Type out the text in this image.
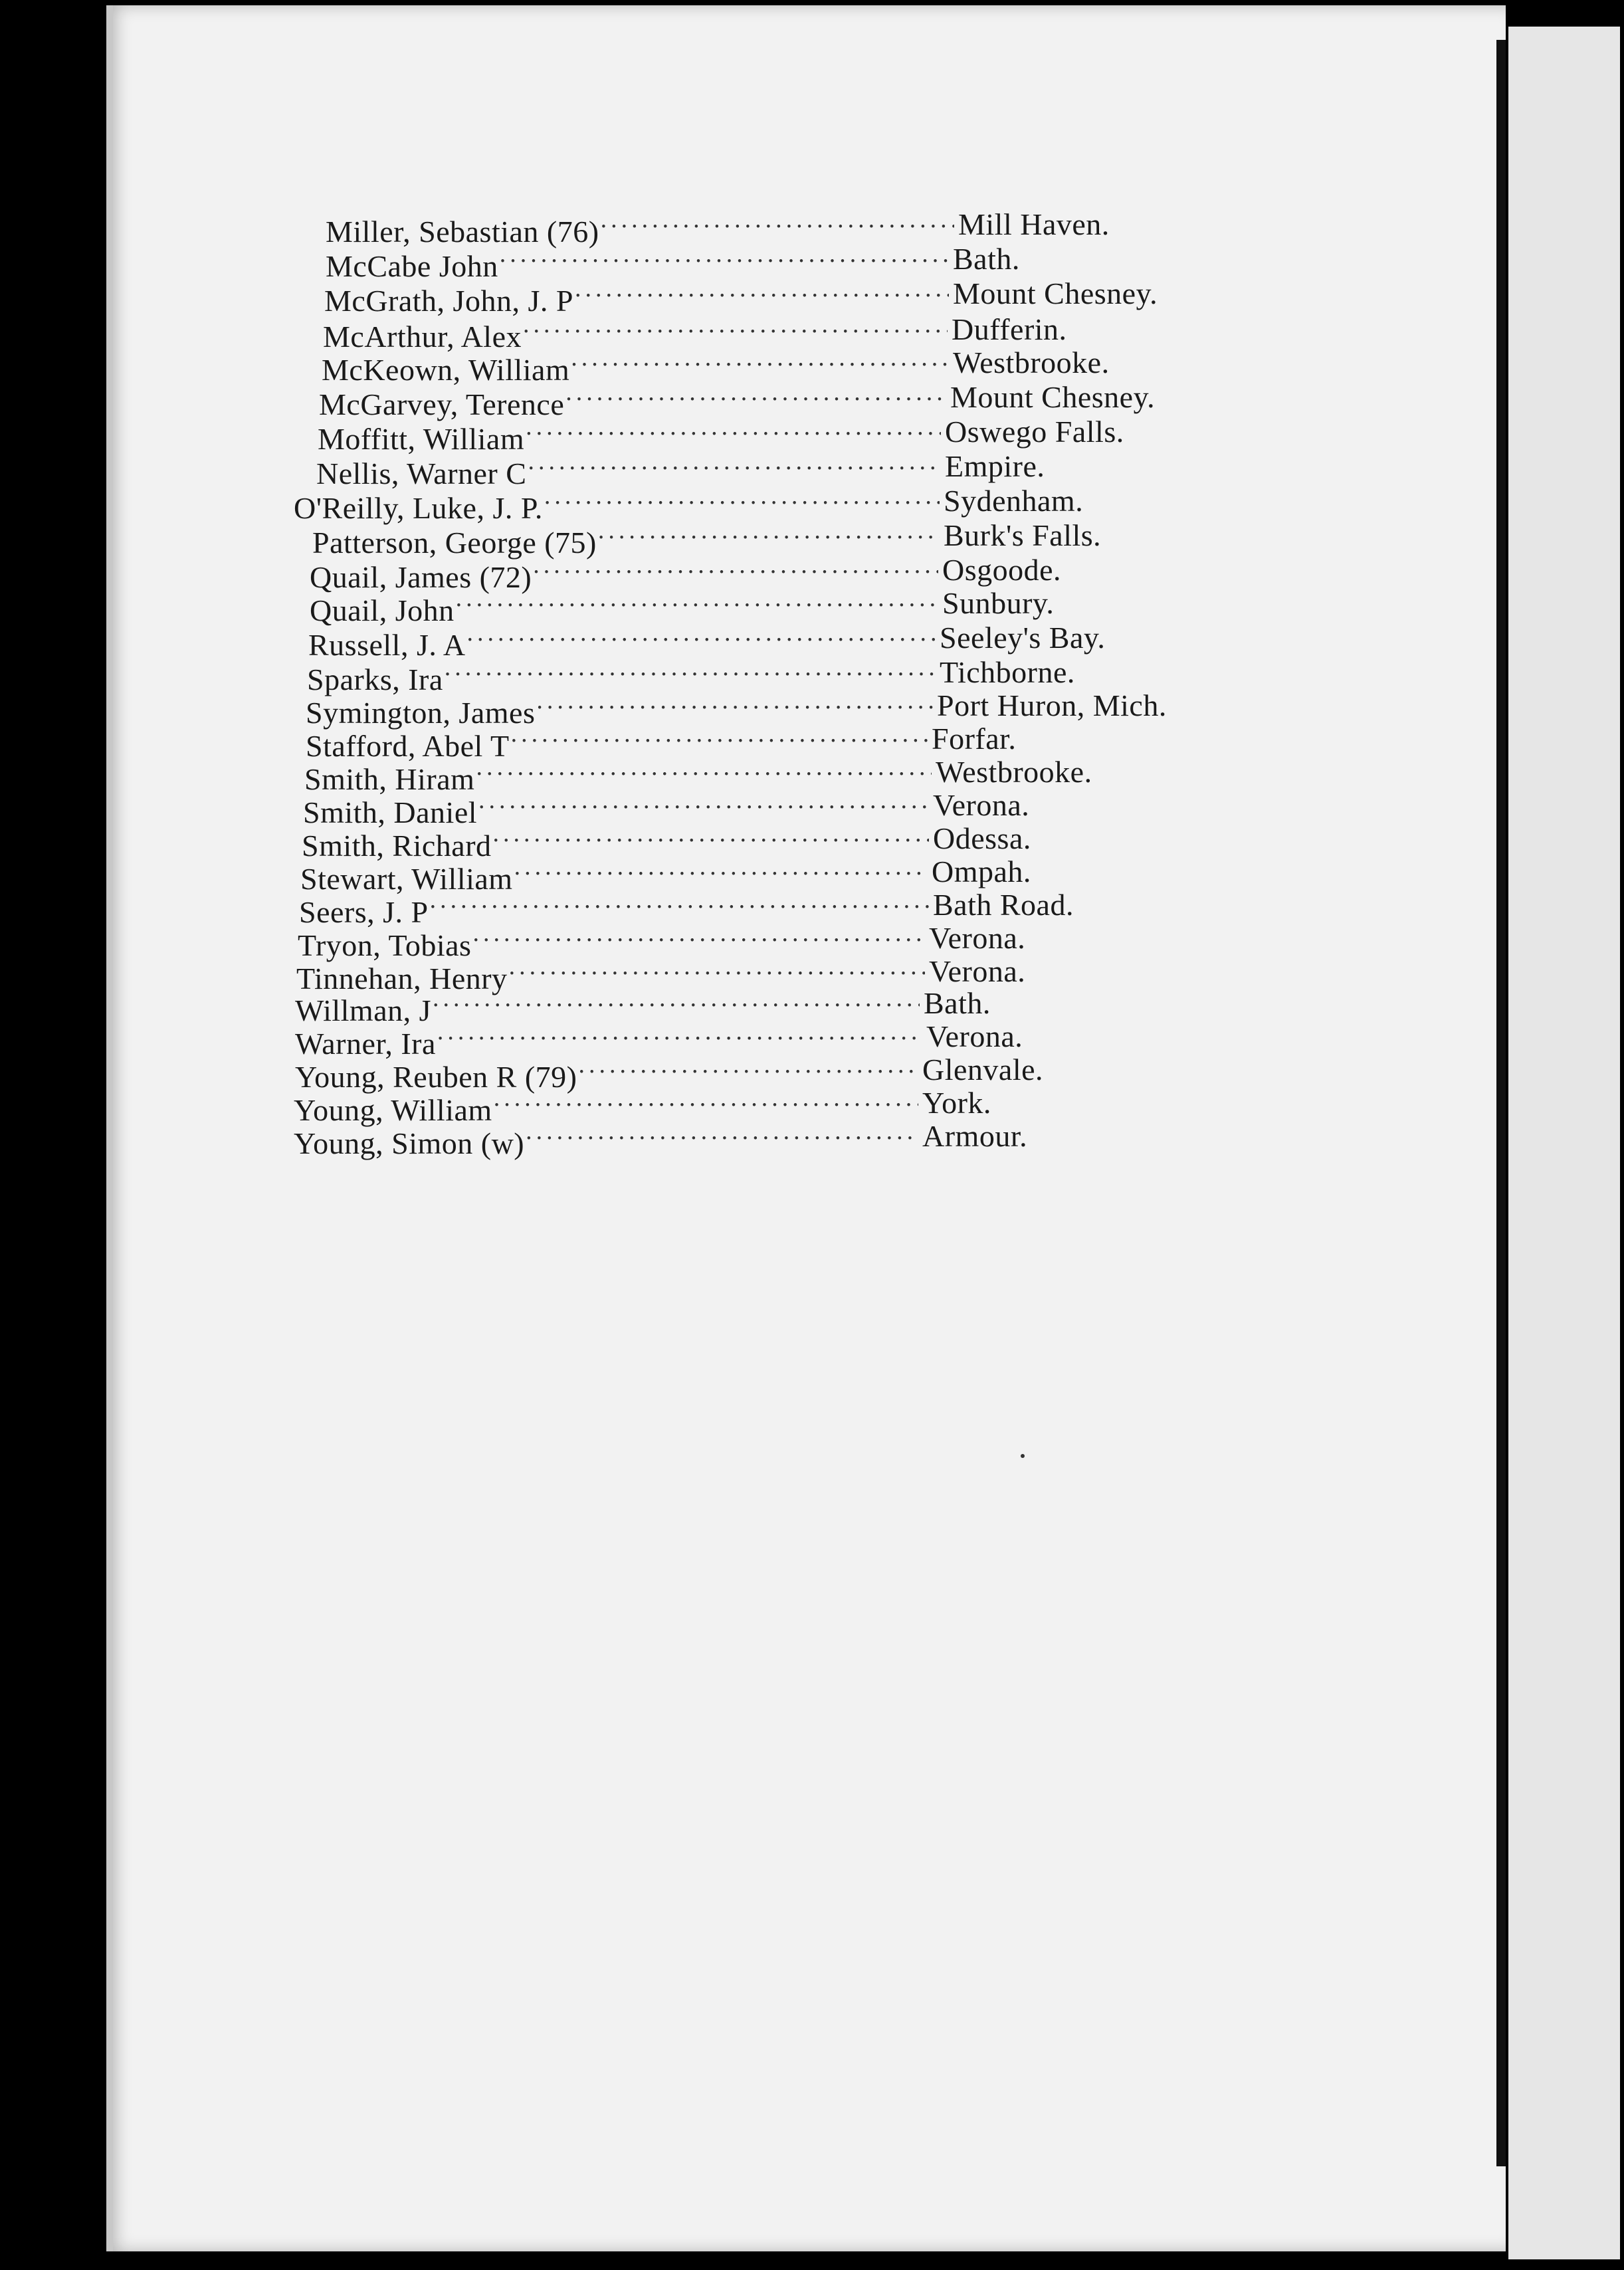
Miller, Sebastian (76) .....	Mill Haven.
McCabe John .....	Bath.
McGrath, John, J. P .....	Mount Chesney.
McArthur, Alex .....	Dufferin.
McKeown, William .....	Westbrooke.
McGarvey, Terence .....	Mount Chesney.
Moffitt, William .....	Oswego Falls.
Nellis, Warner C .....	Empire.
O'Reilly, Luke, J. P. .....	Sydenham.
Patterson, George (75) .....	Burk's Falls.
Quail, James (72) .....	Osgoode.
Quail, John .....	Sunbury.
Russell, J. A .....	Seeley's Bay.
Sparks, Ira .....	Tichborne.
Symington, James .....	Port Huron, Mich.
Stafford, Abel T .....	Forfar.
Smith, Hiram .....	Westbrooke.
Smith, Daniel .....	Verona.
Smith, Richard .....	Odessa.
Stewart, William .....	Ompah.
Seers, J. P .....	Bath Road.
Tryon, Tobias .....	Verona.
Tinnehan, Henry .....	Verona.
Willman, J .....	Bath.
Warner, Ira .....	Verona.
Young, Reuben R (79) .....	Glenvale.
Young, William .....	York.
Young, Simon (w) .....	Armour.
